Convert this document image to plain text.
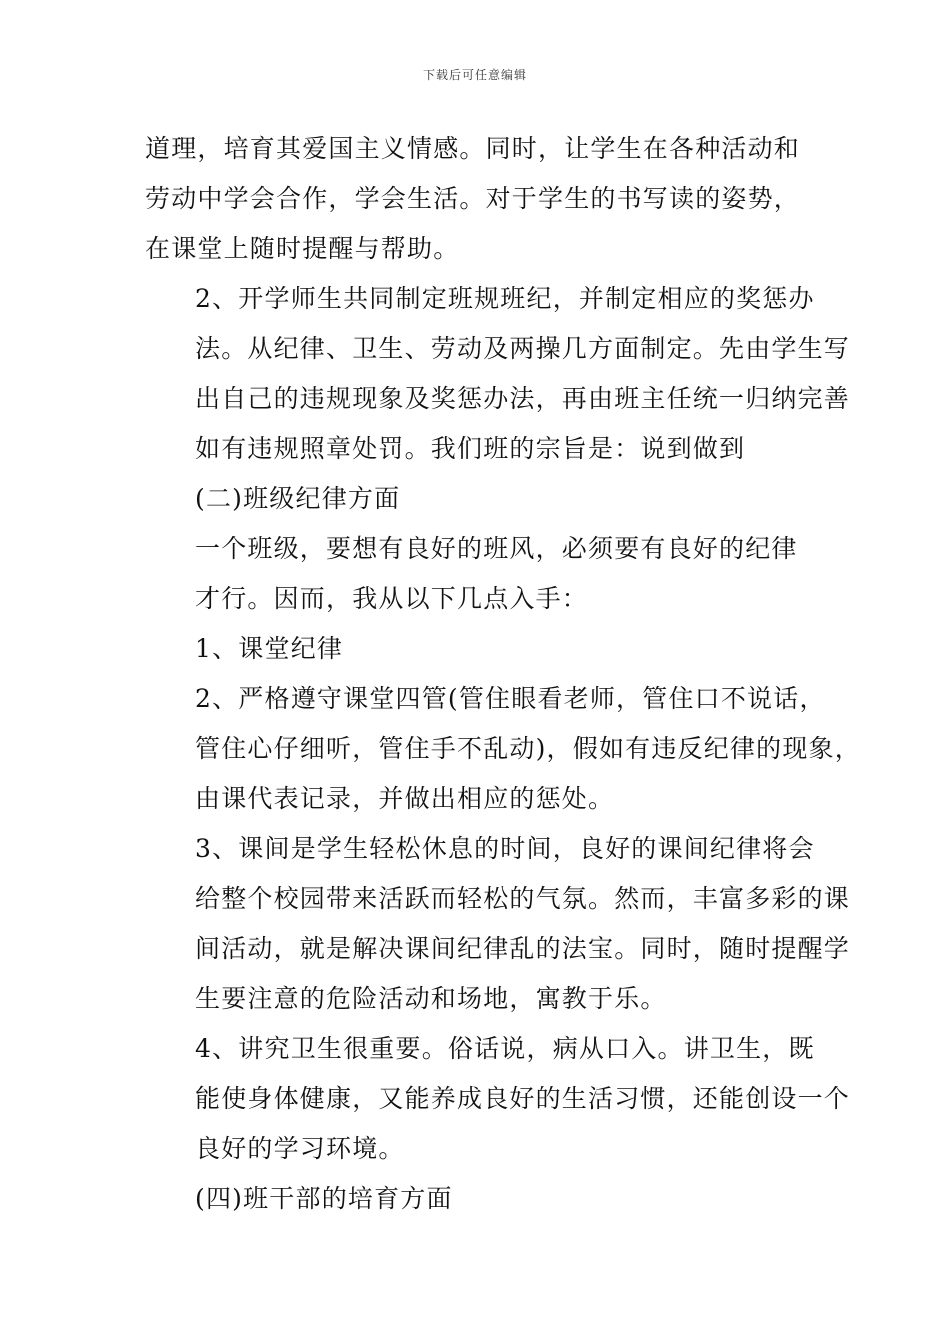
下载后可任意编辑

道理，培育其爱国主义情感。同时，让学生在各种活动和
劳动中学会合作，学会生活。对于学生的书写读的姿势，
在课堂上随时提醒与帮助。

2、开学师生共同制定班规班纪，并制定相应的奖惩办
法。从纪律、卫生、劳动及两操几方面制定。先由学生写
出自己的违规现象及奖惩办法，再由班主任统一归纳完善
如有违规照章处罚。我们班的宗旨是：说到做到

(二)班级纪律方面

一个班级，要想有良好的班风，必须要有良好的纪律
才行。因而，我从以下几点入手：

1、课堂纪律

2、严格遵守课堂四管(管住眼看老师，管住口不说话，
管住心仔细听，管住手不乱动)，假如有违反纪律的现象，
由课代表记录，并做出相应的惩处。

3、课间是学生轻松休息的时间，良好的课间纪律将会
给整个校园带来活跃而轻松的气氛。然而，丰富多彩的课
间活动，就是解决课间纪律乱的法宝。同时，随时提醒学
生要注意的危险活动和场地，寓教于乐。

4、讲究卫生很重要。俗话说，病从口入。讲卫生，既
能使身体健康，又能养成良好的生活习惯，还能创设一个
良好的学习环境。

(四)班干部的培育方面
